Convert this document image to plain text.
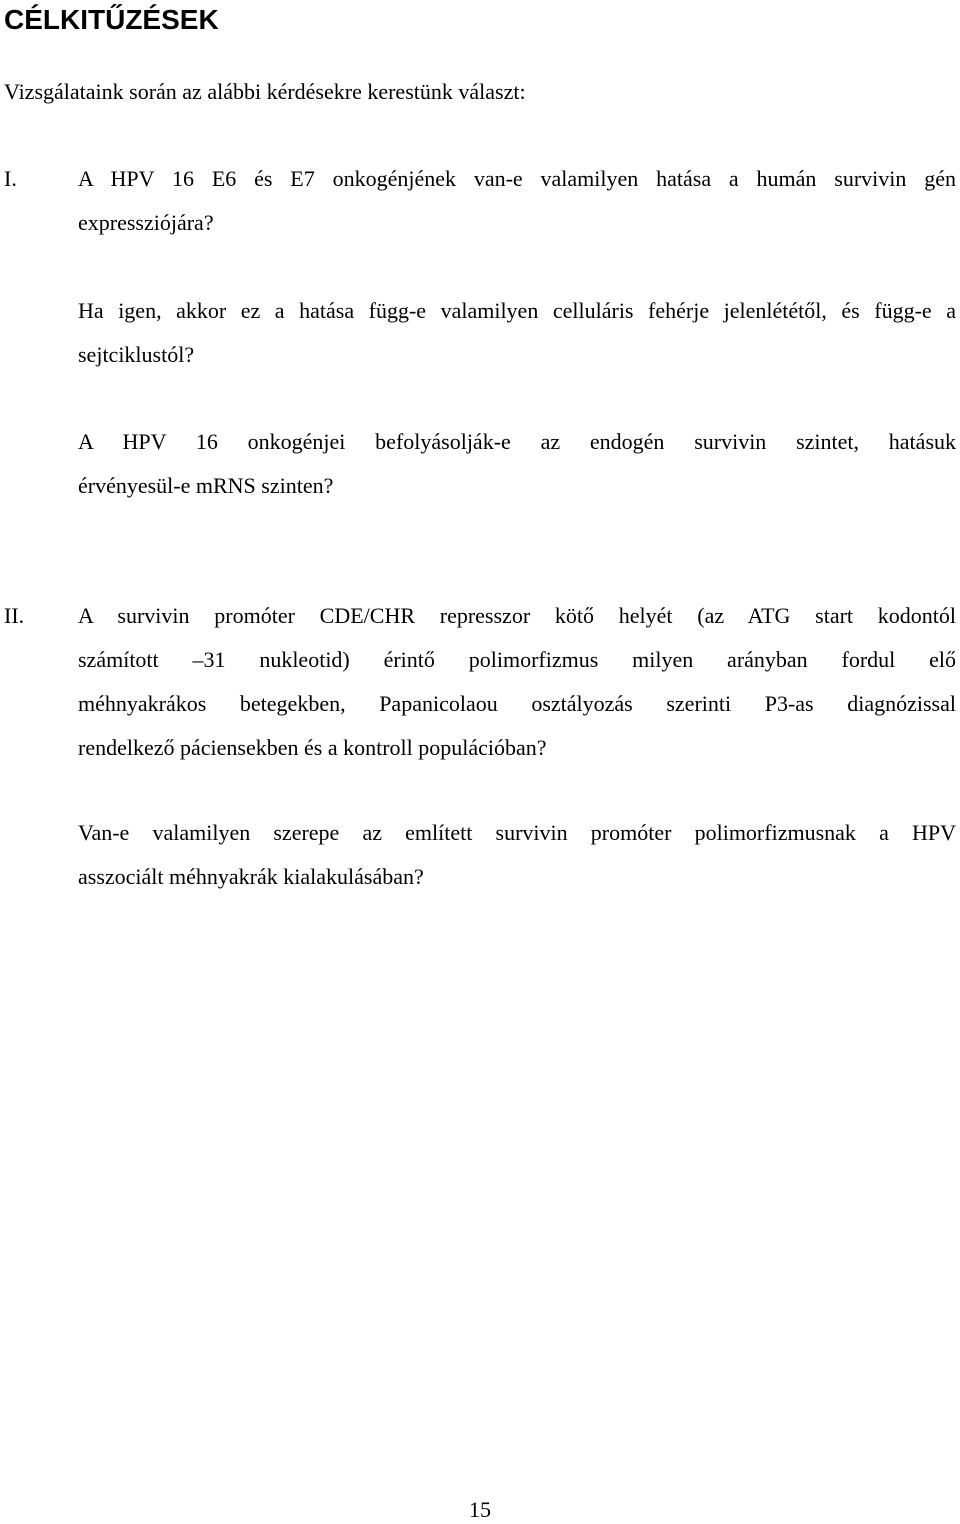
CÉLKITŰZÉSEK

Vizsgálataink során az alábbi kérdésekre kerestünk választ:

I.	A HPV 16 E6 és E7 onkogénjének van-e valamilyen hatása a humán survivin gén
expressziójára?

Ha igen, akkor ez a hatása függ-e valamilyen celluláris fehérje jelenlététől, és függ-e a
sejtciklustól?

A HPV 16 onkogénjei befolyásolják-e az endogén survivin szintet, hatásuk
érvényesül-e mRNS szinten?

II. A survivin promóter CDE/CHR represszor kötő helyét (az ATG start kodontól
számított –31 nukleotid) érintő polimorfizmus milyen arányban fordul elő
méhnyakrákos betegekben, Papanicolaou osztályozás szerinti P3-as diagnózissal
rendelkező páciensekben és a kontroll populációban?

Van-e valamilyen szerepe az említett survivin promóter polimorfizmusnak a HPV
asszociált méhnyakrák kialakulásában?

15
